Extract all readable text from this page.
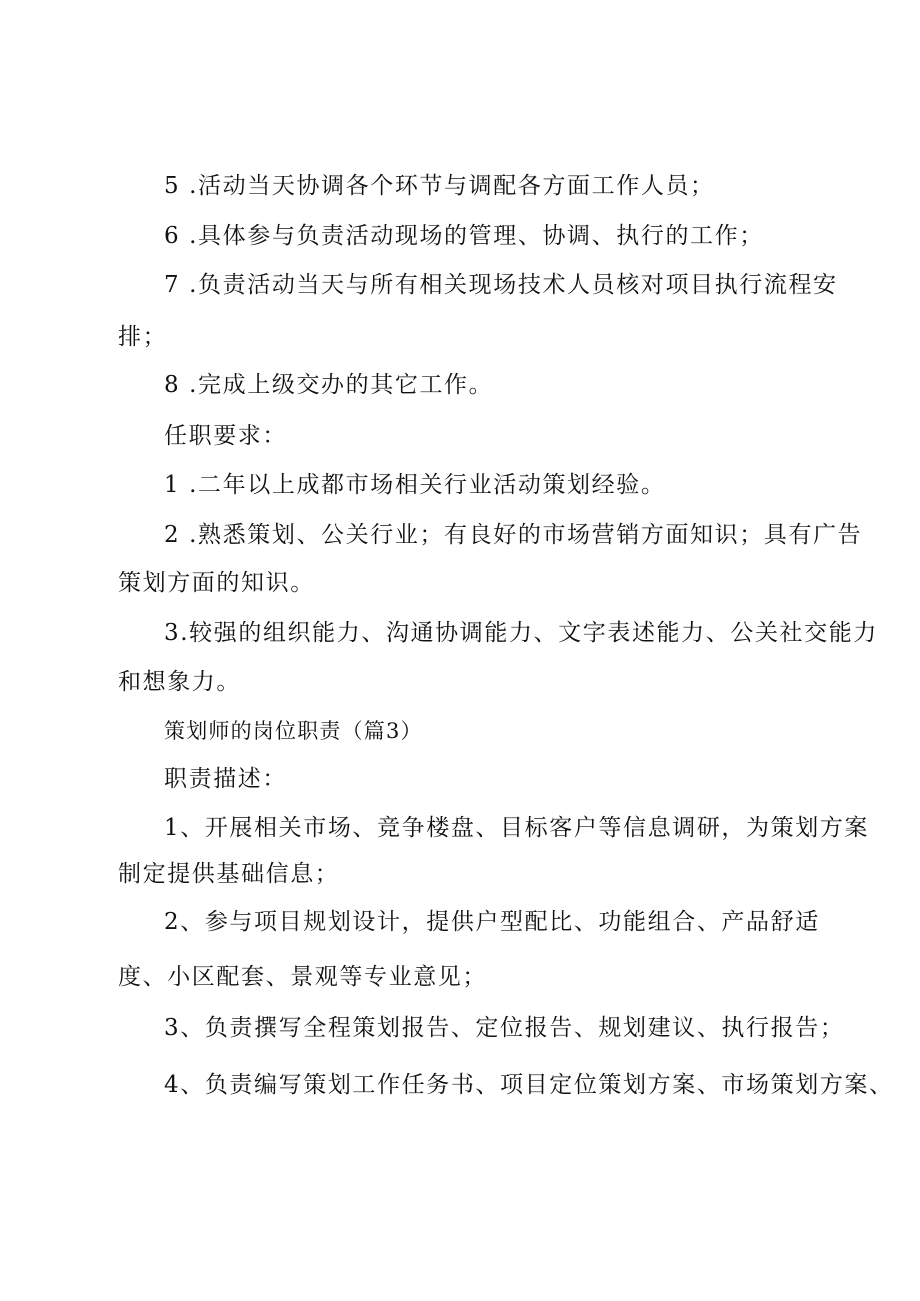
5 .活动当天协调各个环节与调配各方面工作人员；
6 .具体参与负责活动现场的管理、协调、执行的工作；
7 .负责活动当天与所有相关现场技术人员核对项目执行流程安
排；
8 .完成上级交办的其它工作。
任职要求：
1 .二年以上成都市场相关行业活动策划经验。
2 .熟悉策划、公关行业；有良好的市场营销方面知识；具有广告
策划方面的知识。
3.较强的组织能力、沟通协调能力、文字表述能力、公关社交能力
和想象力。
策划师的岗位职责（篇3）
职责描述：
1、开展相关市场、竞争楼盘、目标客户等信息调研，为策划方案
制定提供基础信息；
2、参与项目规划设计，提供户型配比、功能组合、产品舒适
度、小区配套、景观等专业意见；
3、负责撰写全程策划报告、定位报告、规划建议、执行报告；
4、负责编写策划工作任务书、项目定位策划方案、市场策划方案、
